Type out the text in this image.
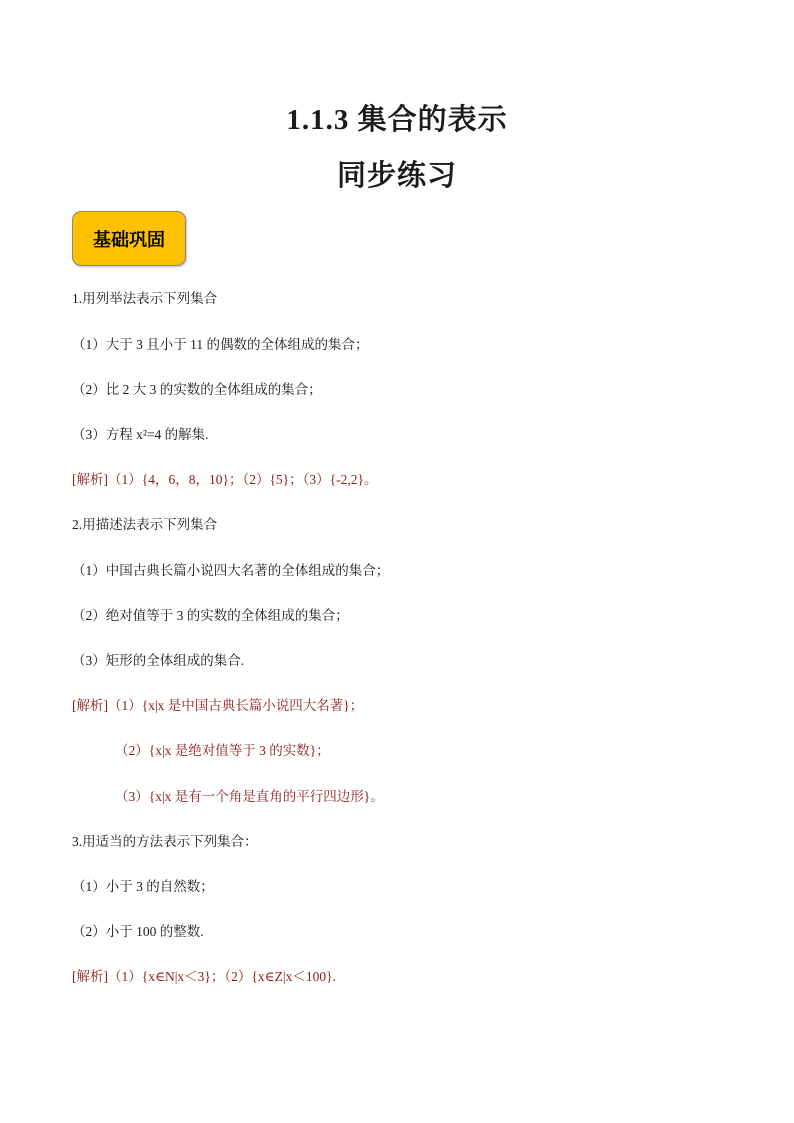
1.1.3 集合的表示
同步练习
基础巩固
1.用列举法表示下列集合
（1）大于 3 且小于 11 的偶数的全体组成的集合；
（2）比 2 大 3 的实数的全体组成的集合；
（3）方程 x²=4 的解集.
[解析]（1）{4，6，8，10}；（2）{5}；（3）{-2,2}。
2.用描述法表示下列集合
（1）中国古典长篇小说四大名著的全体组成的集合；
（2）绝对值等于 3 的实数的全体组成的集合；
（3）矩形的全体组成的集合.
[解析]（1）{x|x 是中国古典长篇小说四大名著}；
（2）{x|x 是绝对值等于 3 的实数}；
（3）{x|x 是有一个角是直角的平行四边形}。
3.用适当的方法表示下列集合：
（1）小于 3 的自然数；
（2）小于 100 的整数.
[解析]（1）{x∈N|x＜3}；（2）{x∈Z|x＜100}.
